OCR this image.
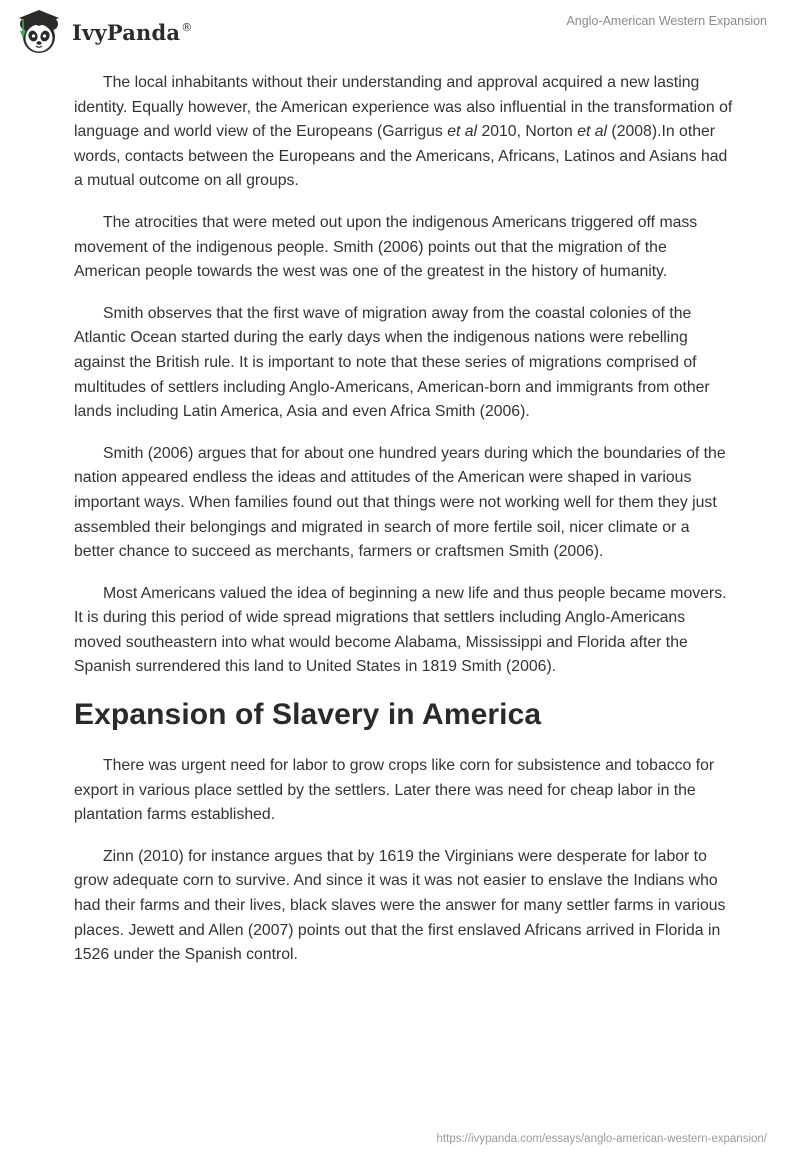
IvyPanda®	Anglo-American Western Expansion

The local inhabitants without their understanding and approval acquired a new lasting identity. Equally however, the American experience was also influential in the transformation of language and world view of the Europeans (Garrigus et al 2010, Norton et al (2008).In other words, contacts between the Europeans and the Americans, Africans, Latinos and Asians had a mutual outcome on all groups.

The atrocities that were meted out upon the indigenous Americans triggered off mass movement of the indigenous people. Smith (2006) points out that the migration of the American people towards the west was one of the greatest in the history of humanity.

Smith observes that the first wave of migration away from the coastal colonies of the Atlantic Ocean started during the early days when the indigenous nations were rebelling against the British rule. It is important to note that these series of migrations comprised of multitudes of settlers including Anglo-Americans, American-born and immigrants from other lands including Latin America, Asia and even Africa Smith (2006).

Smith (2006) argues that for about one hundred years during which the boundaries of the nation appeared endless the ideas and attitudes of the American were shaped in various important ways. When families found out that things were not working well for them they just assembled their belongings and migrated in search of more fertile soil, nicer climate or a better chance to succeed as merchants, farmers or craftsmen Smith (2006).

Most Americans valued the idea of beginning a new life and thus people became movers. It is during this period of wide spread migrations that settlers including Anglo-Americans moved southeastern into what would become Alabama, Mississippi and Florida after the Spanish surrendered this land to United States in 1819 Smith (2006).

Expansion of Slavery in America

There was urgent need for labor to grow crops like corn for subsistence and tobacco for export in various place settled by the settlers. Later there was need for cheap labor in the plantation farms established.

Zinn (2010) for instance argues that by 1619 the Virginians were desperate for labor to grow adequate corn to survive. And since it was it was not easier to enslave the Indians who had their farms and their lives, black slaves were the answer for many settler farms in various places. Jewett and Allen (2007) points out that the first enslaved Africans arrived in Florida in 1526 under the Spanish control.

https://ivypanda.com/essays/anglo-american-western-expansion/
